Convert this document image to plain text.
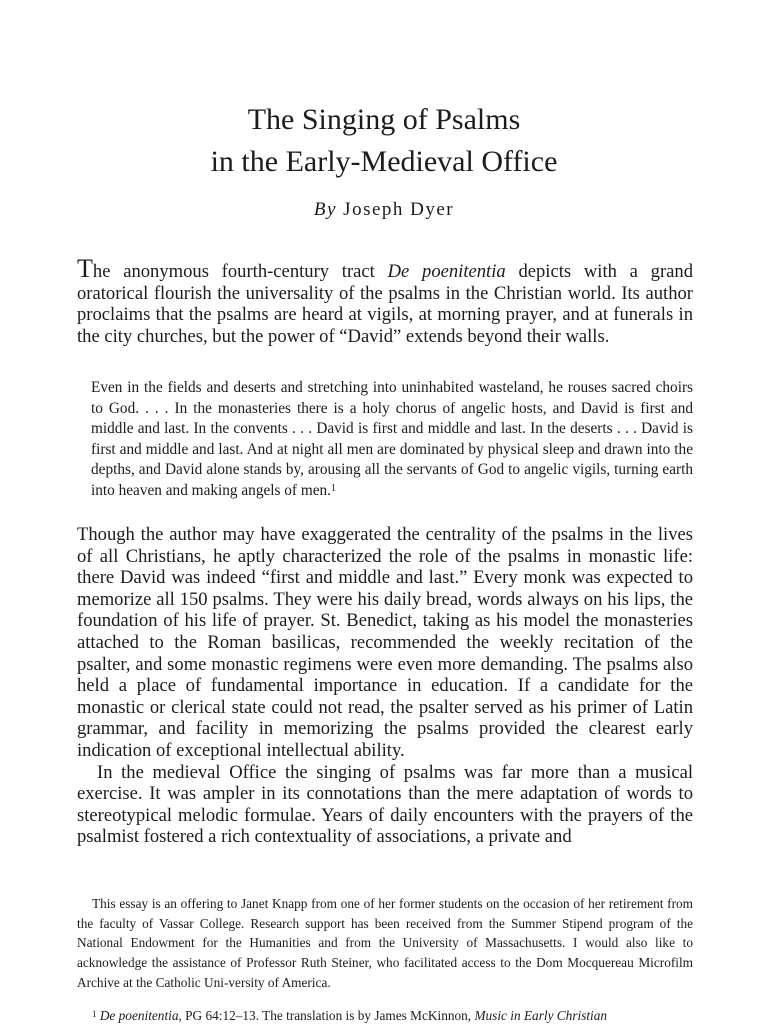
The Singing of Psalms
in the Early-Medieval Office
By Joseph Dyer

The anonymous fourth-century tract De poenitentia depicts with a grand oratorical flourish the universality of the psalms in the Christian world. Its author proclaims that the psalms are heard at vigils, at morning prayer, and at funerals in the city churches, but the power of “David” extends beyond their walls.

Even in the fields and deserts and stretching into uninhabited wasteland, he rouses sacred choirs to God. . . . In the monasteries there is a holy chorus of angelic hosts, and David is first and middle and last. In the convents . . . David is first and middle and last. In the deserts . . . David is first and middle and last. And at night all men are dominated by physical sleep and drawn into the depths, and David alone stands by, arousing all the servants of God to angelic vigils, turning earth into heaven and making angels of men.$^1$

Though the author may have exaggerated the centrality of the psalms in the lives of all Christians, he aptly characterized the role of the psalms in monastic life: there David was indeed “first and middle and last.” Every monk was expected to memorize all 150 psalms. They were his daily bread, words always on his lips, the foundation of his life of prayer. St. Benedict, taking as his model the monasteries attached to the Roman basilicas, recommended the weekly recitation of the psalter, and some monastic regimens were even more demanding. The psalms also held a place of fundamental importance in education. If a candidate for the monastic or clerical state could not read, the psalter served as his primer of Latin grammar, and facility in memorizing the psalms provided the clearest early indication of exceptional intellectual ability.

In the medieval Office the singing of psalms was far more than a musical exercise. It was ampler in its connotations than the mere adaptation of words to stereotypical melodic formulae. Years of daily encounters with the prayers of the psalmist fostered a rich contextuality of associations, a private and

This essay is an offering to Janet Knapp from one of her former students on the occasion of her retirement from the faculty of Vassar College. Research support has been received from the Summer Stipend program of the National Endowment for the Humanities and from the University of Massachusetts. I would also like to acknowledge the assistance of Professor Ruth Steiner, who facilitated access to the Dom Mocquereau Microfilm Archive at the Catholic Uni-versity of America.

$^1$ De poenitentia, PG 64:12–13. The translation is by James McKinnon, Music in Early Christian
